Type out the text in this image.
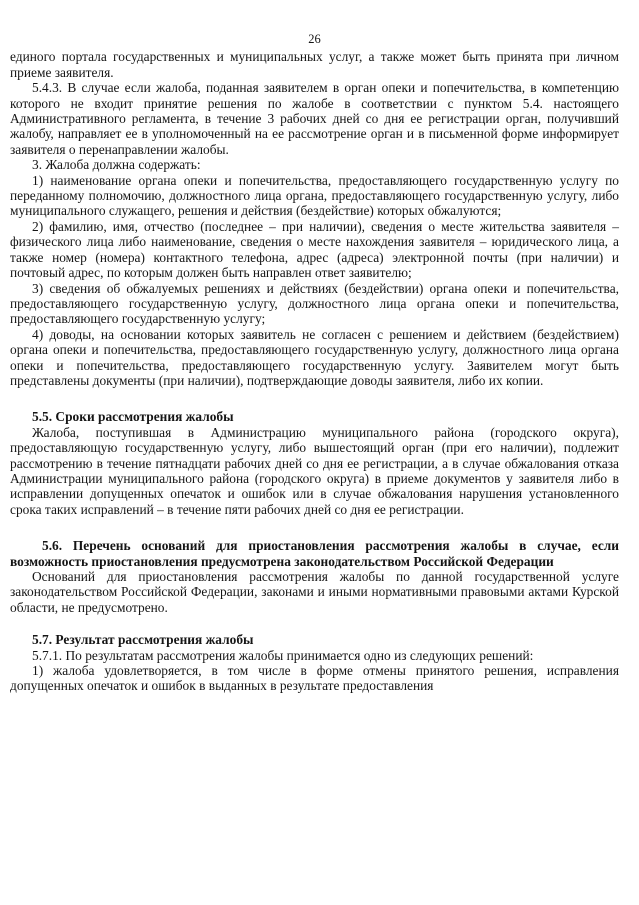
26

единого портала государственных и муниципальных услуг, а также может быть принята при личном приеме заявителя.

5.4.3. В случае если жалоба, поданная заявителем в орган опеки и попечительства, в компетенцию которого не входит принятие решения по жалобе в соответствии с пунктом 5.4. настоящего Административного регламента, в течение 3 рабочих дней со дня ее регистрации орган, получивший жалобу, направляет ее в уполномоченный на ее рассмотрение орган и в письменной форме информирует заявителя о перенаправлении жалобы.

3. Жалоба должна содержать:

1) наименование органа опеки и попечительства, предоставляющего государственную услугу по переданному полномочию, должностного лица органа, предоставляющего государственную услугу, либо муниципального служащего, решения и действия (бездействие) которых обжалуются;

2) фамилию, имя, отчество (последнее – при наличии), сведения о месте жительства заявителя – физического лица либо наименование, сведения о месте нахождения заявителя – юридического лица, а также номер (номера) контактного телефона, адрес (адреса) электронной почты (при наличии) и почтовый адрес, по которым должен быть направлен ответ заявителю;

3) сведения об обжалуемых решениях и действиях (бездействии) органа опеки и попечительства, предоставляющего государственную услугу, должностного лица органа опеки и попечительства, предоставляющего государственную услугу;

4) доводы, на основании которых заявитель не согласен с решением и действием (бездействием) органа опеки и попечительства, предоставляющего государственную услугу, должностного лица органа опеки и попечительства, предоставляющего государственную услугу. Заявителем могут быть представлены документы (при наличии), подтверждающие доводы заявителя, либо их копии.

5.5. Сроки рассмотрения жалобы

Жалоба, поступившая в Администрацию муниципального района (городского округа), предоставляющую государственную услугу, либо вышестоящий орган (при его наличии), подлежит рассмотрению в течение пятнадцати рабочих дней со дня ее регистрации, а в случае обжалования отказа Администрации муниципального района (городского округа) в приеме документов у заявителя либо в исправлении допущенных опечаток и ошибок или в случае обжалования нарушения установленного срока таких исправлений – в течение пяти рабочих дней со дня ее регистрации.

5.6. Перечень оснований для приостановления рассмотрения жалобы в случае, если возможность приостановления предусмотрена законодательством Российской Федерации

Оснований для приостановления рассмотрения жалобы по данной государственной услуге законодательством Российской Федерации, законами и иными нормативными правовыми актами Курской области, не предусмотрено.

5.7. Результат рассмотрения жалобы

5.7.1. По результатам рассмотрения жалобы принимается одно из следующих решений:

1) жалоба удовлетворяется, в том числе в форме отмены принятого решения, исправления допущенных опечаток и ошибок в выданных в результате предоставления
